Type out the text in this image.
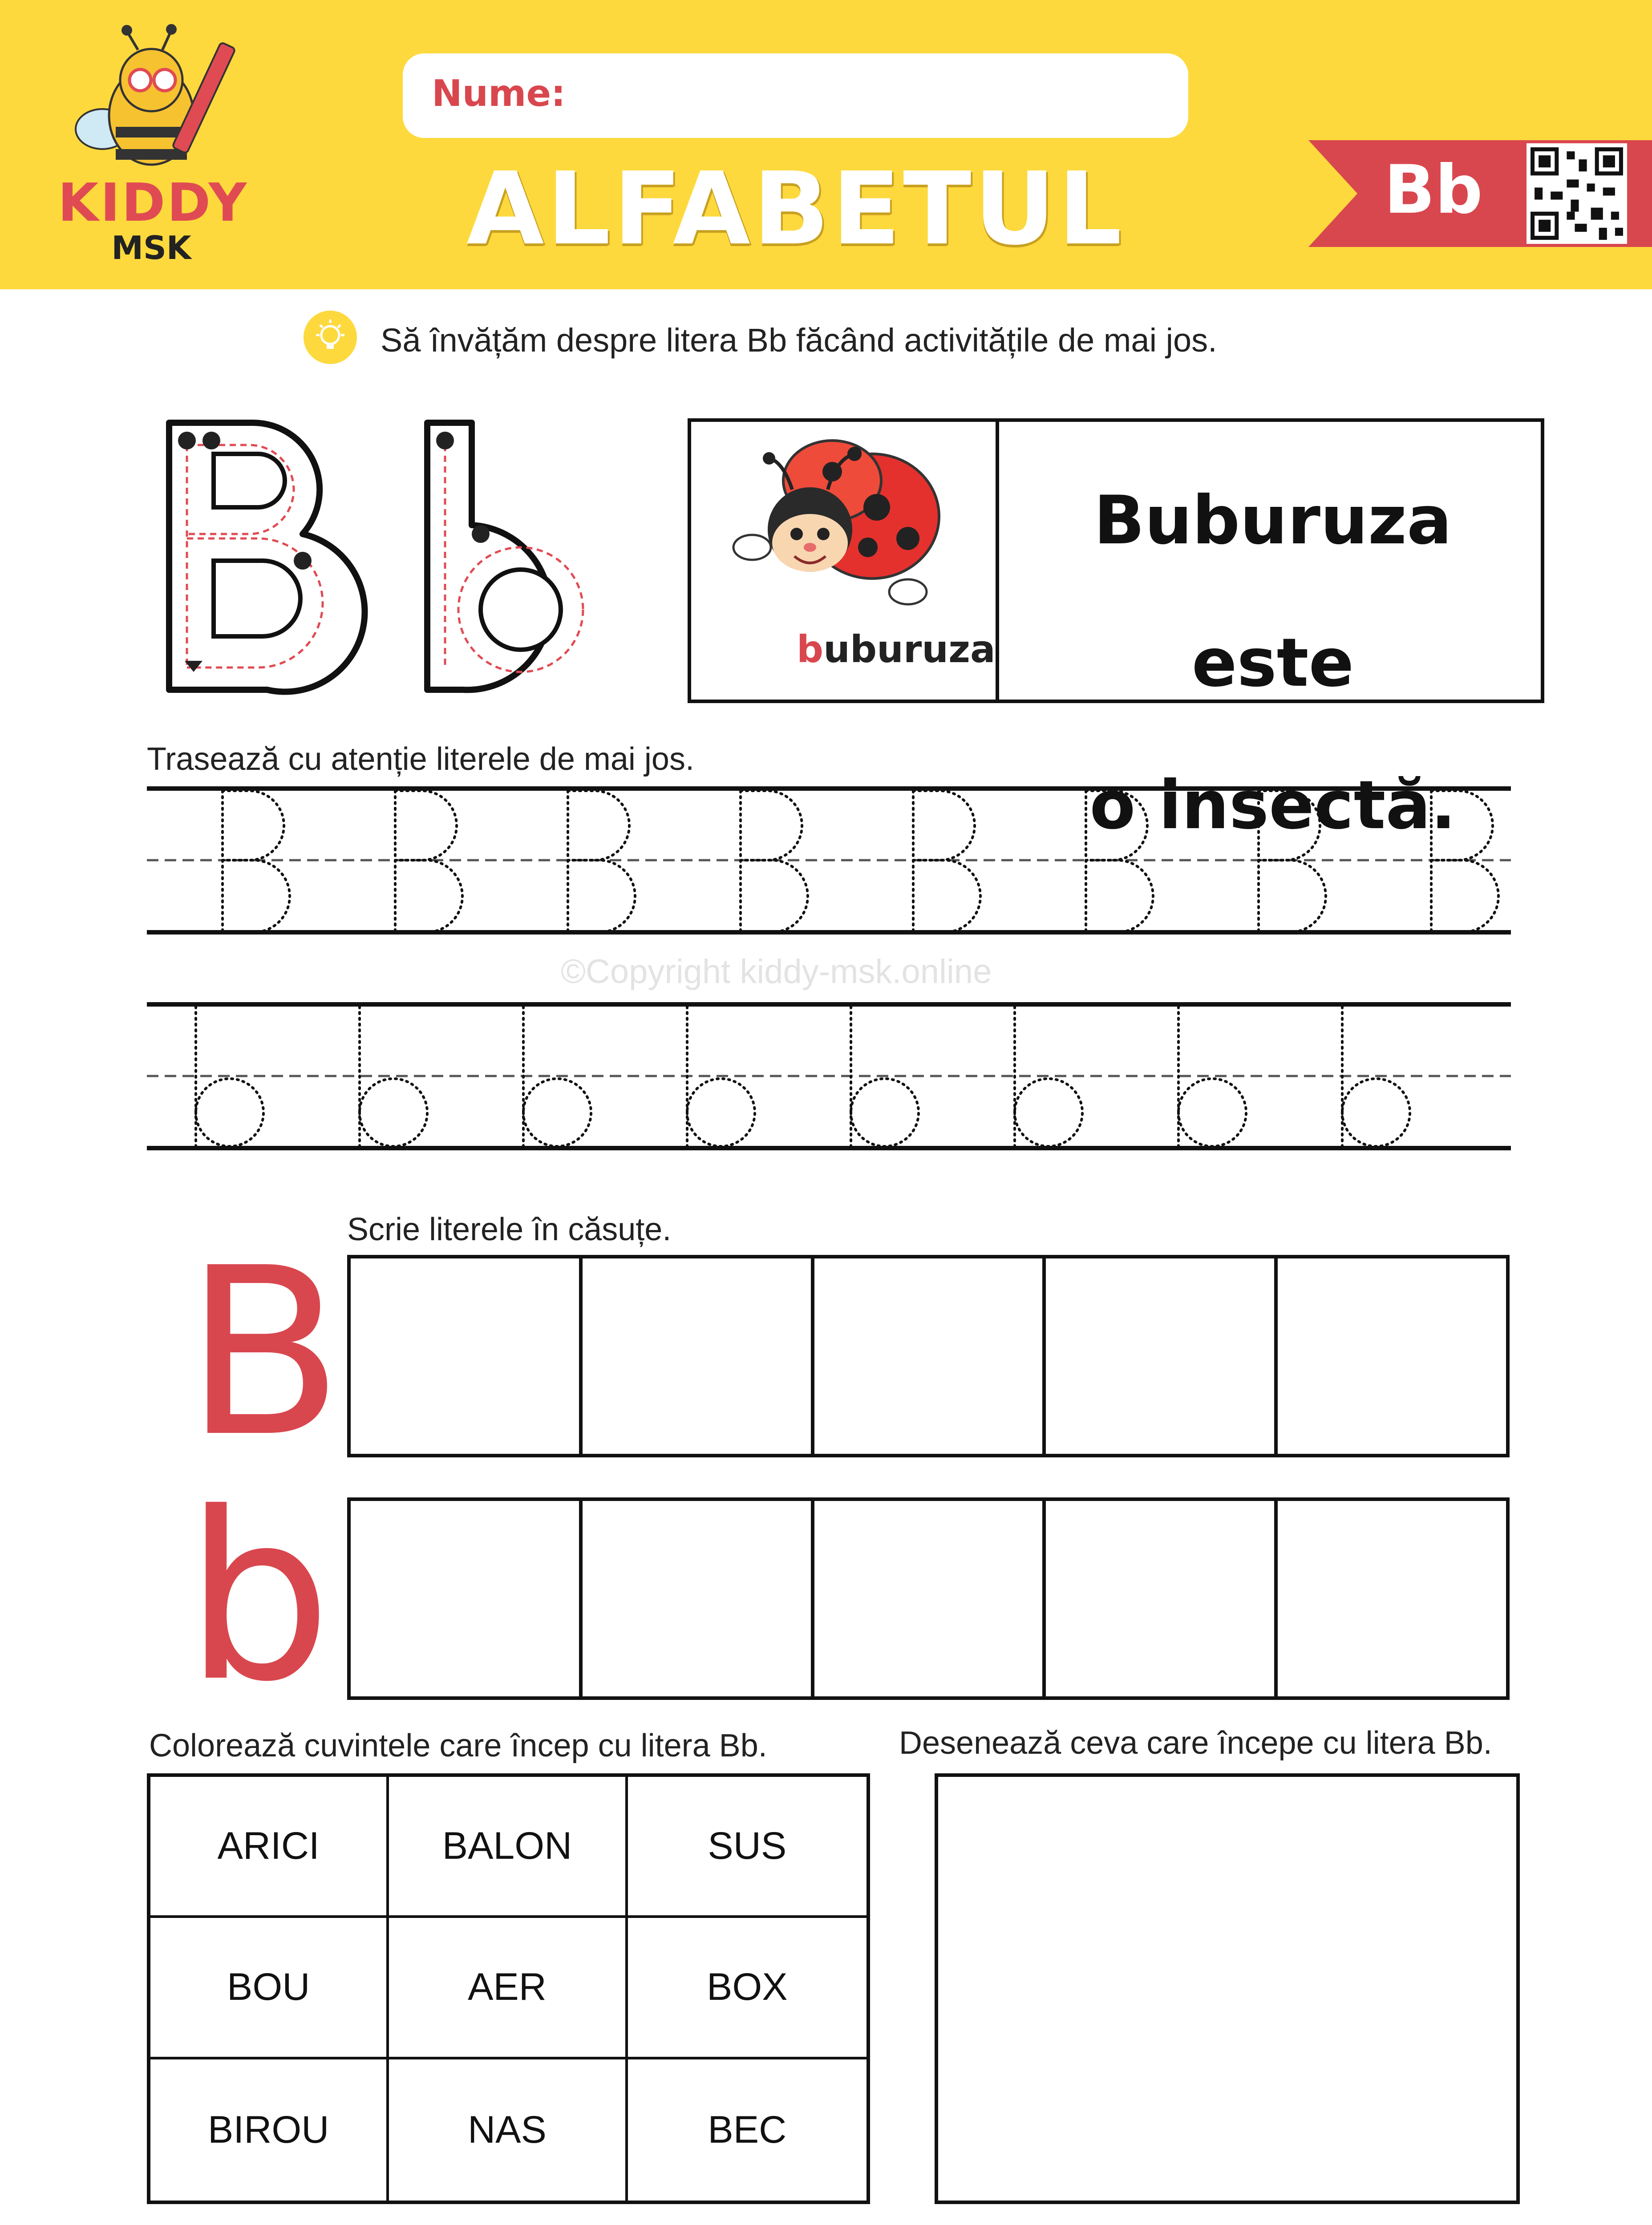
KIDDY
MSK
Nume:
ALFABETUL	Bb
Să învățăm despre litera Bb făcând activitățile de mai jos.
buburuza
Buburuza este
o insectă.
Trasează cu atenție literele de mai jos.
©Copyright kiddy-msk.online
Scrie literele în căsuțe.
B
b
Colorează cuvintele care încep cu litera Bb.
ARICI	BALON	SUS
BOU	AER	BOX
BIROU	NAS	BEC
Desenează ceva care începe cu litera Bb.
